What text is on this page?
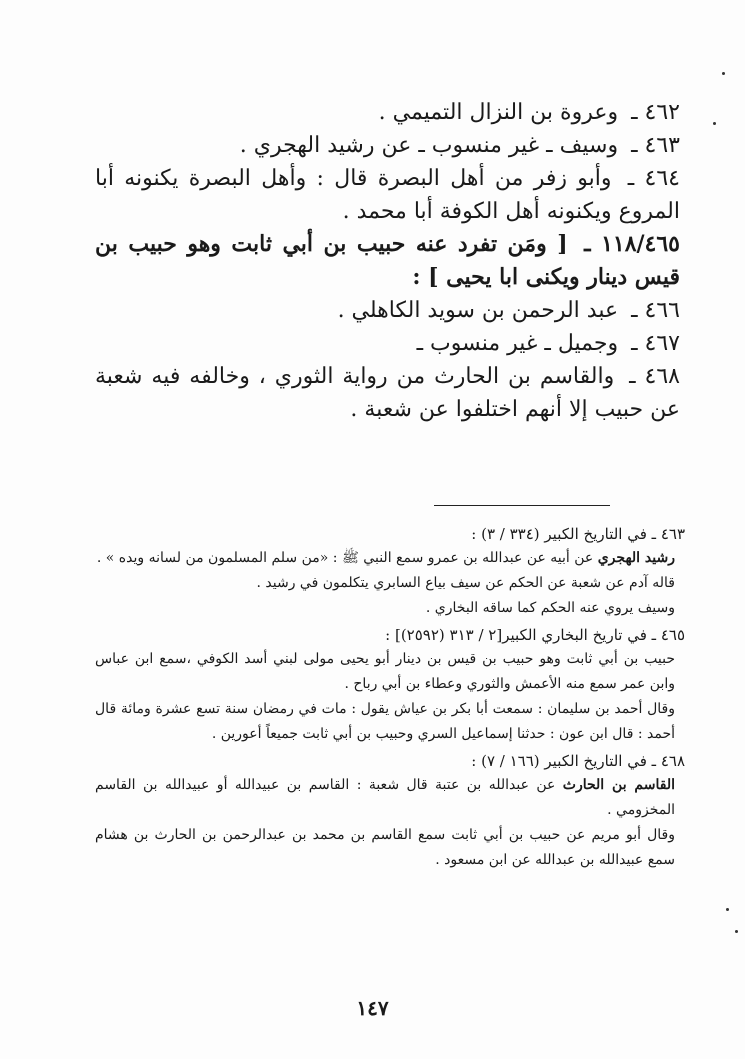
٤٦٢ ـ وعروة بن النزال التميمي .
٤٦٣ ـ وسيف ـ غير منسوب ـ عن رشيد الهجري .
٤٦٤ ـ وأبو زفر من أهل البصرة قال : وأهل البصرة يكنونه أبا المروع ويكنونه أهل الكوفة أبا محمد .
١١٨/٤٦٥ ـ [ ومَن تفرد عنه حبيب بن أبي ثابت وهو حبيب بن قيس دينار ويكنى ابا يحيى ] :
٤٦٦ ـ عبد الرحمن بن سويد الكاهلي .
٤٦٧ ـ وجميل ـ غير منسوب ـ
٤٦٨ ـ والقاسم بن الحارث من رواية الثوري ، وخالفه فيه شعبة عن حبيب إلا أنهم اختلفوا عن شعبة .
٤٦٣ ـ في التاريخ الكبير (٣٣٤ / ٣) :
رشيد الهجري عن أبيه عن عبدالله بن عمرو سمع النبي ﷺ : «من سلم المسلمون من لسانه ويده » .
قاله آدم عن شعبة عن الحكم عن سيف بياع السابري يتكلمون في رشيد .
وسيف يروي عنه الحكم كما ساقه البخاري .
٤٦٥ ـ في تاريخ البخاري الكبير[٢ / ٣١٣ (٢٥٩٢)] :
حبيب بن أبي ثابت وهو حبيب بن قيس بن دينار أبو يحيى مولى لبني أسد الكوفي ،سمع ابن عباس وابن عمر سمع منه الأعمش والثوري وعطاء بن أبي رباح .
وقال أحمد بن سليمان : سمعت أبا بكر بن عياش يقول : مات في رمضان سنة تسع عشرة ومائة قال أحمد : قال ابن عون : حدثنا إسماعيل السري وحبيب بن أبي ثابت جميعاً أعورين .
٤٦٨ ـ في التاريخ الكبير (١٦٦ / ٧) :
القاسم بن الحارث عن عبدالله بن عتبة قال شعبة : القاسم بن عبيدالله أو عبيدالله بن القاسم المخزومي .
وقال أبو مريم عن حبيب بن أبي ثابت سمع القاسم بن محمد بن عبدالرحمن بن الحارث بن هشام سمع عبيدالله بن عبدالله عن ابن مسعود .
١٤٧
